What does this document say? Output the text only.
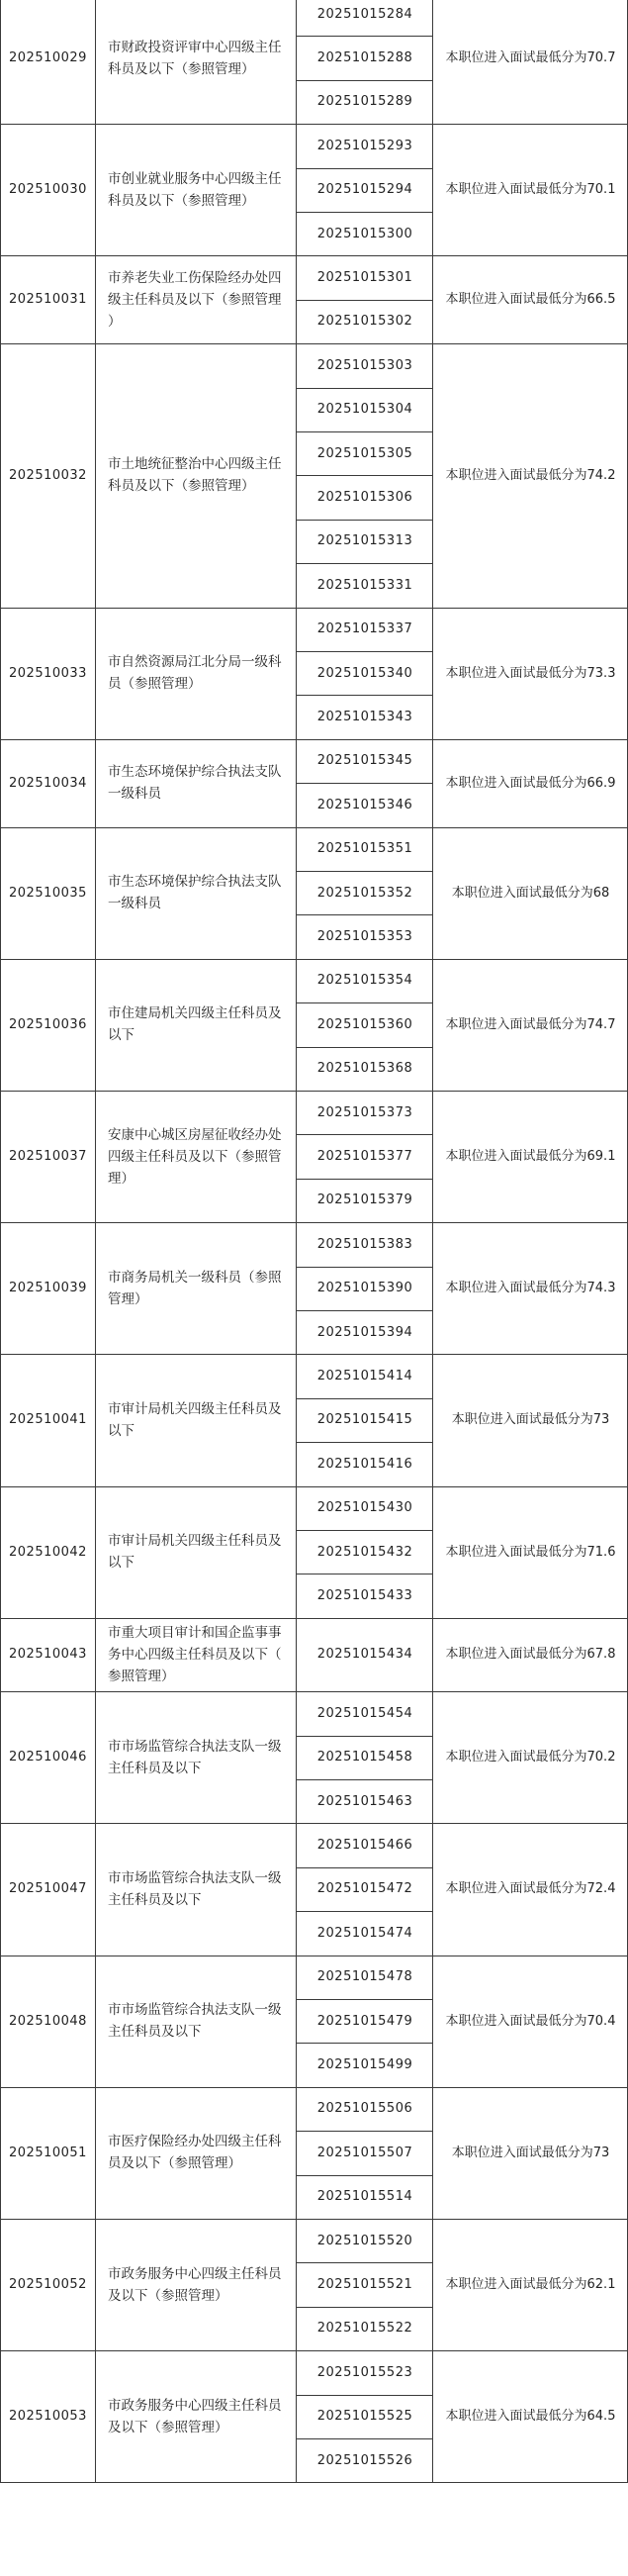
202510029
市财政投资评审中心四级主任
科员及以下（参照管理）
20251015284
20251015288
20251015289
本职位进入面试最低分为70.7
202510030
市创业就业服务中心四级主任
科员及以下（参照管理）
20251015293
20251015294
20251015300
本职位进入面试最低分为70.1
202510031
市养老失业工伤保险经办处四
级主任科员及以下（参照管理
）
20251015301
20251015302
本职位进入面试最低分为66.5
202510032
市土地统征整治中心四级主任
科员及以下（参照管理）
20251015303
20251015304
20251015305
20251015306
20251015313
20251015331
本职位进入面试最低分为74.2
202510033
市自然资源局江北分局一级科
员（参照管理）
20251015337
20251015340
20251015343
本职位进入面试最低分为73.3
202510034
市生态环境保护综合执法支队
一级科员
20251015345
20251015346
本职位进入面试最低分为66.9
202510035
市生态环境保护综合执法支队
一级科员
20251015351
20251015352
20251015353
本职位进入面试最低分为68
202510036
市住建局机关四级主任科员及
以下
20251015354
20251015360
20251015368
本职位进入面试最低分为74.7
202510037
安康中心城区房屋征收经办处
四级主任科员及以下（参照管
理）
20251015373
20251015377
20251015379
本职位进入面试最低分为69.1
202510039
市商务局机关一级科员（参照
管理）
20251015383
20251015390
20251015394
本职位进入面试最低分为74.3
202510041
市审计局机关四级主任科员及
以下
20251015414
20251015415
20251015416
本职位进入面试最低分为73
202510042
市审计局机关四级主任科员及
以下
20251015430
20251015432
20251015433
本职位进入面试最低分为71.6
202510043
市重大项目审计和国企监事事
务中心四级主任科员及以下（
参照管理）
20251015434	本职位进入面试最低分为67.8
202510046
市市场监管综合执法支队一级
主任科员及以下
20251015454
20251015458
20251015463
本职位进入面试最低分为70.2
202510047
市市场监管综合执法支队一级
主任科员及以下
20251015466
20251015472
20251015474
本职位进入面试最低分为72.4
202510048
市市场监管综合执法支队一级
主任科员及以下
20251015478
20251015479
20251015499
本职位进入面试最低分为70.4
202510051
市医疗保险经办处四级主任科
员及以下（参照管理）
20251015506
20251015507
20251015514
本职位进入面试最低分为73
202510052
市政务服务中心四级主任科员
及以下（参照管理）
20251015520
20251015521
20251015522
本职位进入面试最低分为62.1
202510053
市政务服务中心四级主任科员
及以下（参照管理）
20251015523
20251015525
20251015526
本职位进入面试最低分为64.5
